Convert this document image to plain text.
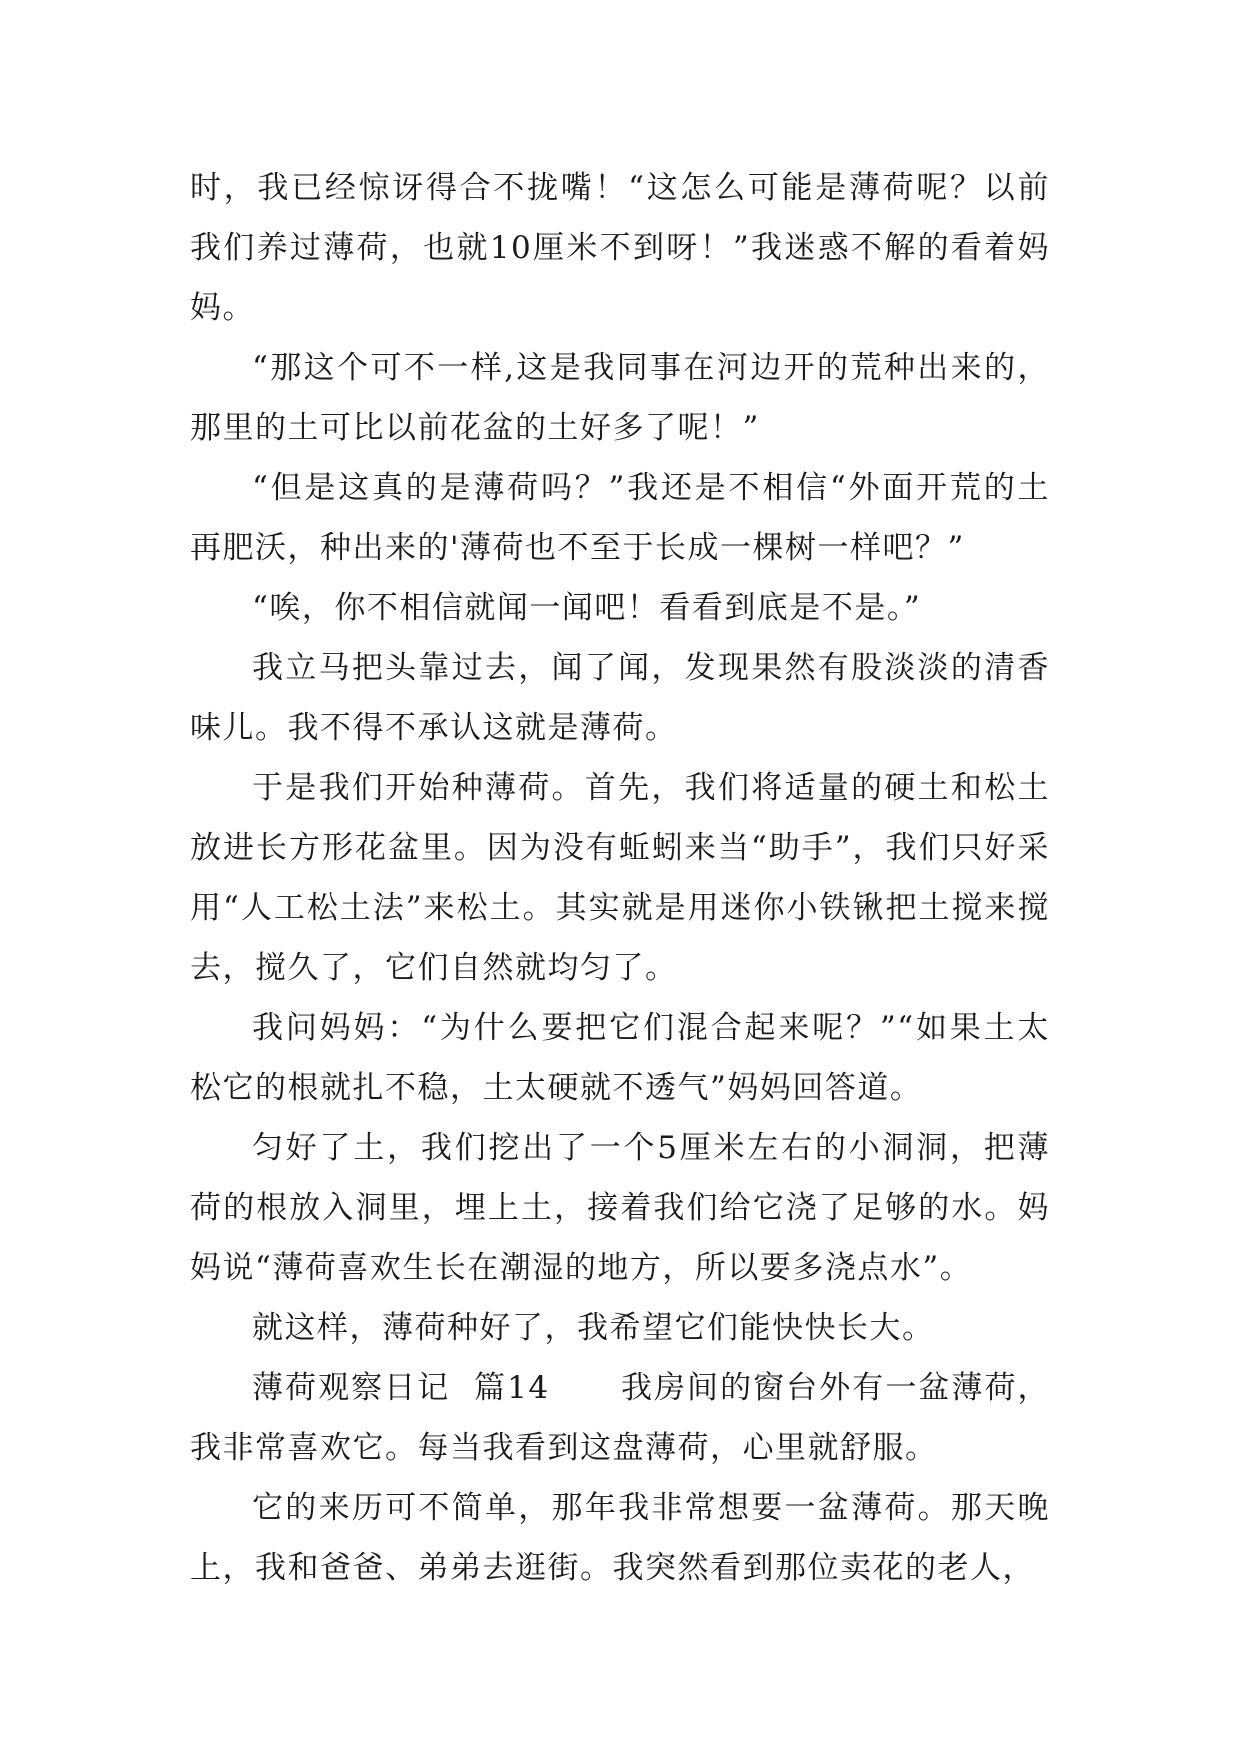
时，我已经惊讶得合不拢嘴！“这怎么可能是薄荷呢？以前我们养过薄荷，也就10厘米不到呀！”我迷惑不解的看着妈妈。

“那这个可不一样,这是我同事在河边开的荒种出来的，那里的土可比以前花盆的土好多了呢！”

“但是这真的是薄荷吗？”我还是不相信“外面开荒的土再肥沃，种出来的'薄荷也不至于长成一棵树一样吧？”

“唉，你不相信就闻一闻吧！看看到底是不是。”

我立马把头靠过去，闻了闻，发现果然有股淡淡的清香味儿。我不得不承认这就是薄荷。

于是我们开始种薄荷。首先，我们将适量的硬土和松土放进长方形花盆里。因为没有蚯蚓来当“助手”，我们只好采用“人工松土法”来松土。其实就是用迷你小铁锹把土搅来搅去，搅久了，它们自然就均匀了。

我问妈妈：“为什么要把它们混合起来呢？”“如果土太松它的根就扎不稳，土太硬就不透气”妈妈回答道。

匀好了土，我们挖出了一个5厘米左右的小洞洞，把薄荷的根放入洞里，埋上土，接着我们给它浇了足够的水。妈妈说“薄荷喜欢生长在潮湿的地方，所以要多浇点水”。

就这样，薄荷种好了，我希望它们能快快长大。

薄荷观察日记  篇14      我房间的窗台外有一盆薄荷，我非常喜欢它。每当我看到这盘薄荷，心里就舒服。

它的来历可不简单，那年我非常想要一盆薄荷。那天晚上，我和爸爸、弟弟去逛街。我突然看到那位卖花的老人，
